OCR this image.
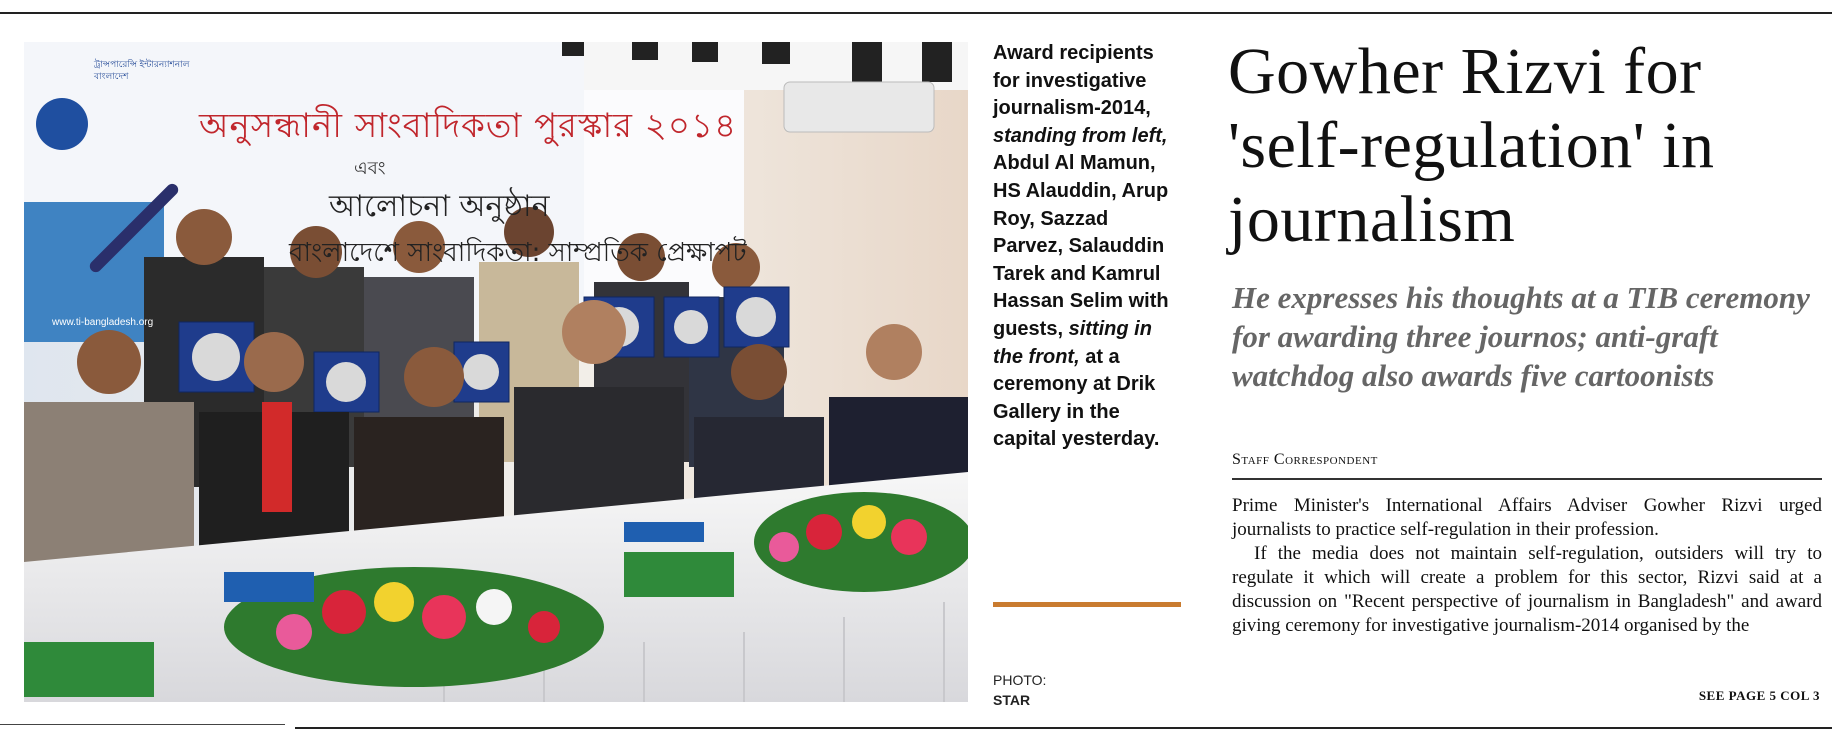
ট্রান্সপারেন্সি ইন্টারন্যাশনাল বাংলাদেশ
অনুসন্ধানী সাংবাদিকতা পুরস্কার ২০১৪
এবং
আলোচনা অনুষ্ঠান
বাংলাদেশে সাংবাদিকতা: সাম্প্রতিক প্রেক্ষাপট
www.ti-bangladesh.org
Award recipients for investigative journalism-2014, standing from left, Abdul Al Mamun, HS Alauddin, Arup Roy, Sazzad Parvez, Salauddin Tarek and Kamrul Hassan Selim with guests, sitting in the front, at a ceremony at Drik Gallery in the capital yesterday.
PHOTO:
STAR
Gowher Rizvi for 'self-regulation' in journalism
He expresses his thoughts at a TIB ceremony for awarding three journos; anti-graft watchdog also awards five cartoonists
Staff Correspondent

Prime Minister's International Affairs Adviser Gowher Rizvi urged journalists to practice self-regulation in their profession.

If the media does not maintain self-regulation, outsiders will try to regulate it which will create a problem for this sector, Rizvi said at a discussion on "Recent perspective of journalism in Bangladesh" and award giving ceremony for investigative journalism-2014 organised by the

SEE PAGE 5 COL 3
